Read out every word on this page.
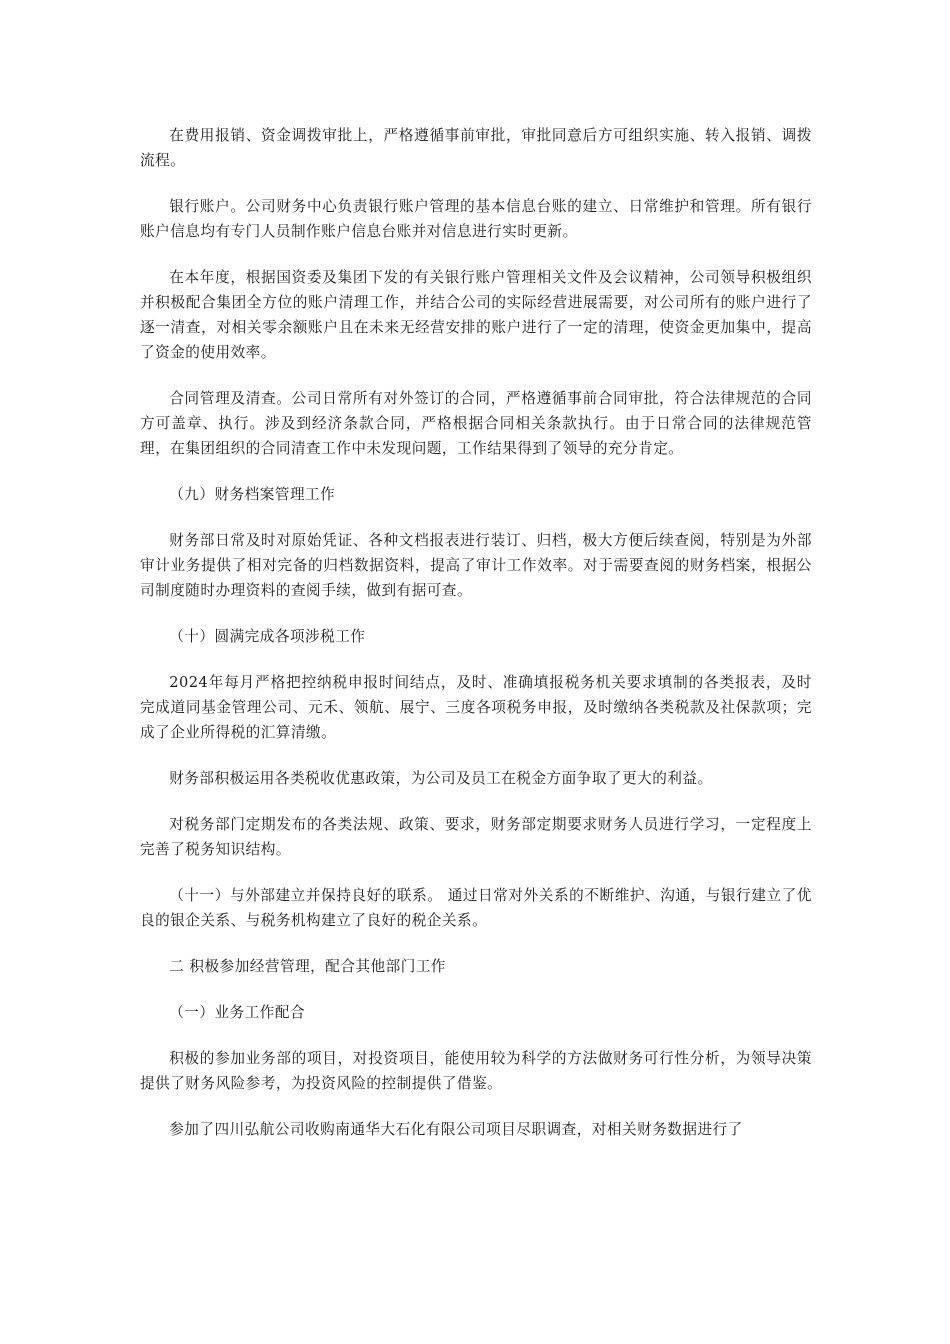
在费用报销、资金调拨审批上，严格遵循事前审批，审批同意后方可组织实施、转入报销、调拨流程。

银行账户。公司财务中心负责银行账户管理的基本信息台账的建立、日常维护和管理。所有银行账户信息均有专门人员制作账户信息台账并对信息进行实时更新。

在本年度，根据国资委及集团下发的有关银行账户管理相关文件及会议精神，公司领导积极组织并积极配合集团全方位的账户清理工作，并结合公司的实际经营进展需要，对公司所有的账户进行了逐一清查，对相关零余额账户且在未来无经营安排的账户进行了一定的清理，使资金更加集中，提高了资金的使用效率。

合同管理及清查。公司日常所有对外签订的合同，严格遵循事前合同审批，符合法律规范的合同方可盖章、执行。涉及到经济条款合同，严格根据合同相关条款执行。由于日常合同的法律规范管理，在集团组织的合同清查工作中未发现问题，工作结果得到了领导的充分肯定。

（九）财务档案管理工作

财务部日常及时对原始凭证、各种文档报表进行装订、归档，极大方便后续查阅，特别是为外部审计业务提供了相对完备的归档数据资料，提高了审计工作效率。对于需要查阅的财务档案，根据公司制度随时办理资料的查阅手续，做到有据可查。

（十）圆满完成各项涉税工作

2024年每月严格把控纳税申报时间结点，及时、准确填报税务机关要求填制的各类报表，及时完成道同基金管理公司、元禾、领航、展宁、三度各项税务申报，及时缴纳各类税款及社保款项；完成了企业所得税的汇算清缴。

财务部积极运用各类税收优惠政策，为公司及员工在税金方面争取了更大的利益。

对税务部门定期发布的各类法规、政策、要求，财务部定期要求财务人员进行学习，一定程度上完善了税务知识结构。

（十一）与外部建立并保持良好的联系。 通过日常对外关系的不断维护、沟通，与银行建立了优良的银企关系、与税务机构建立了良好的税企关系。

二 积极参加经营管理，配合其他部门工作

（一）业务工作配合

积极的参加业务部的项目，对投资项目，能使用较为科学的方法做财务可行性分析，为领导决策提供了财务风险参考，为投资风险的控制提供了借鉴。

参加了四川弘航公司收购南通华大石化有限公司项目尽职调查，对相关财务数据进行了
